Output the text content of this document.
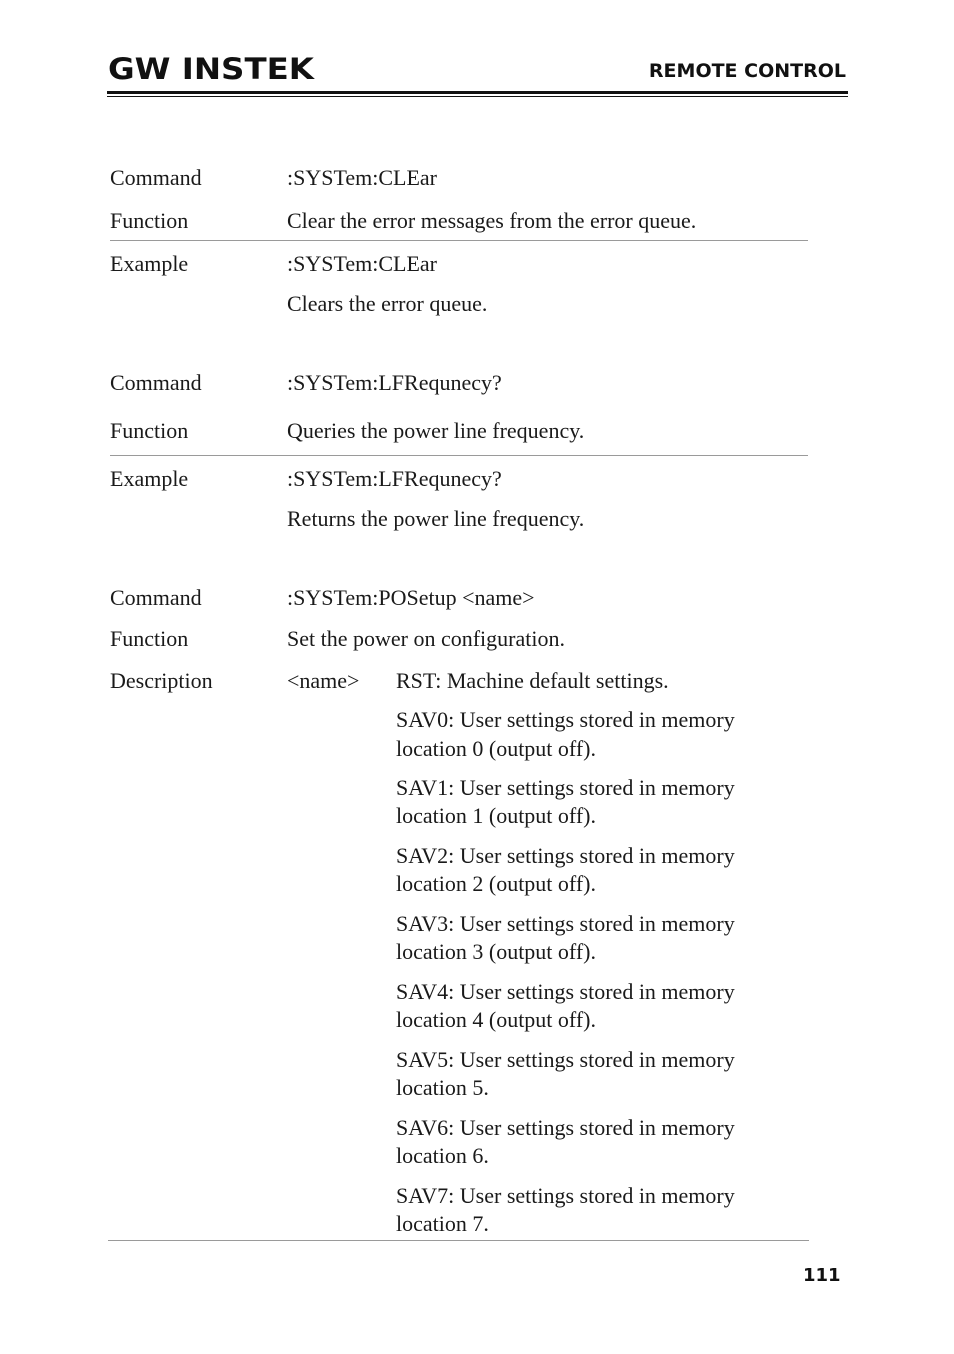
GW INSTEK	REMOTE CONTROL
Command	:SYSTem:CLEar
Function	Clear the error messages from the error queue.
Example	:SYSTem:CLEar
Clears the error queue.
Command	:SYSTem:LFRequnecy?
Function	Queries the power line frequency.
Example	:SYSTem:LFRequnecy?
Returns the power line frequency.
Command	:SYSTem:POSetup <name>
Function	Set the power on configuration.
Description	<name> RST: Machine default settings.
SAV0: User settings stored in memory
location 0 (output off).
SAV1: User settings stored in memory
location 1 (output off).
SAV2: User settings stored in memory
location 2 (output off).
SAV3: User settings stored in memory
location 3 (output off).
SAV4: User settings stored in memory
location 4 (output off).
SAV5: User settings stored in memory
location 5.
SAV6: User settings stored in memory
location 6.
SAV7: User settings stored in memory
location 7.
111
